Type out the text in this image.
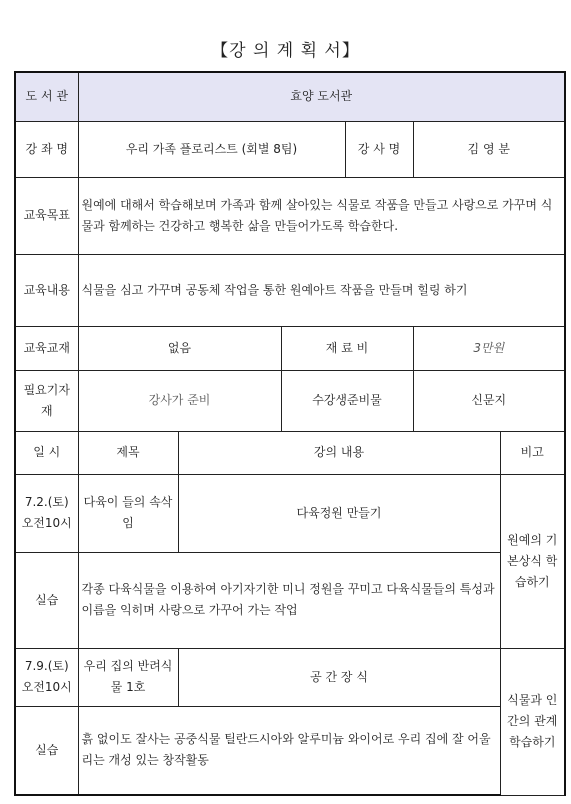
【강 의 계 획 서】
도 서 관	효양 도서관					
강 좌 명	우리 가족 플로리스트 (회별 8팀)			강 사 명	김 영 분	
교육목표	원예에 대해서 학습해보며 가족과 함께 살아있는 식물로 작품을 만들고 사랑으로 가꾸며 식물과 함께하는 건강하고 행복한 삶을 만들어가도록 학습한다.					
교육내용	식물을 심고 가꾸며 공동체 작업을 통한 원예아트 작품을 만들며 힐링 하기					
교육교재	없음		재 료 비		3만원	
필요기자재	강사가 준비		수강생준비물		신문지	
일 시	제목	강의 내용				비고
7.2.(토) 오전10시	다육이 들의 속삭임	다육정원 만들기				원예의 기본상식 학습하기
실습	각종 다육식물을 이용하여 아기자기한 미니 정원을 꾸미고 다육식물들의 특성과 이름을 익히며 사랑으로 가꾸어 가는 작업					
7.9.(토) 오전10시	우리 집의 반려식물 1호	공 간 장 식				식물과 인간의 관계 학습하기
실습	흙 없이도 잘사는 공중식물 틸란드시아와 알루미늄 와이어로 우리 집에 잘 어울리는 개성 있는 창작활동					
